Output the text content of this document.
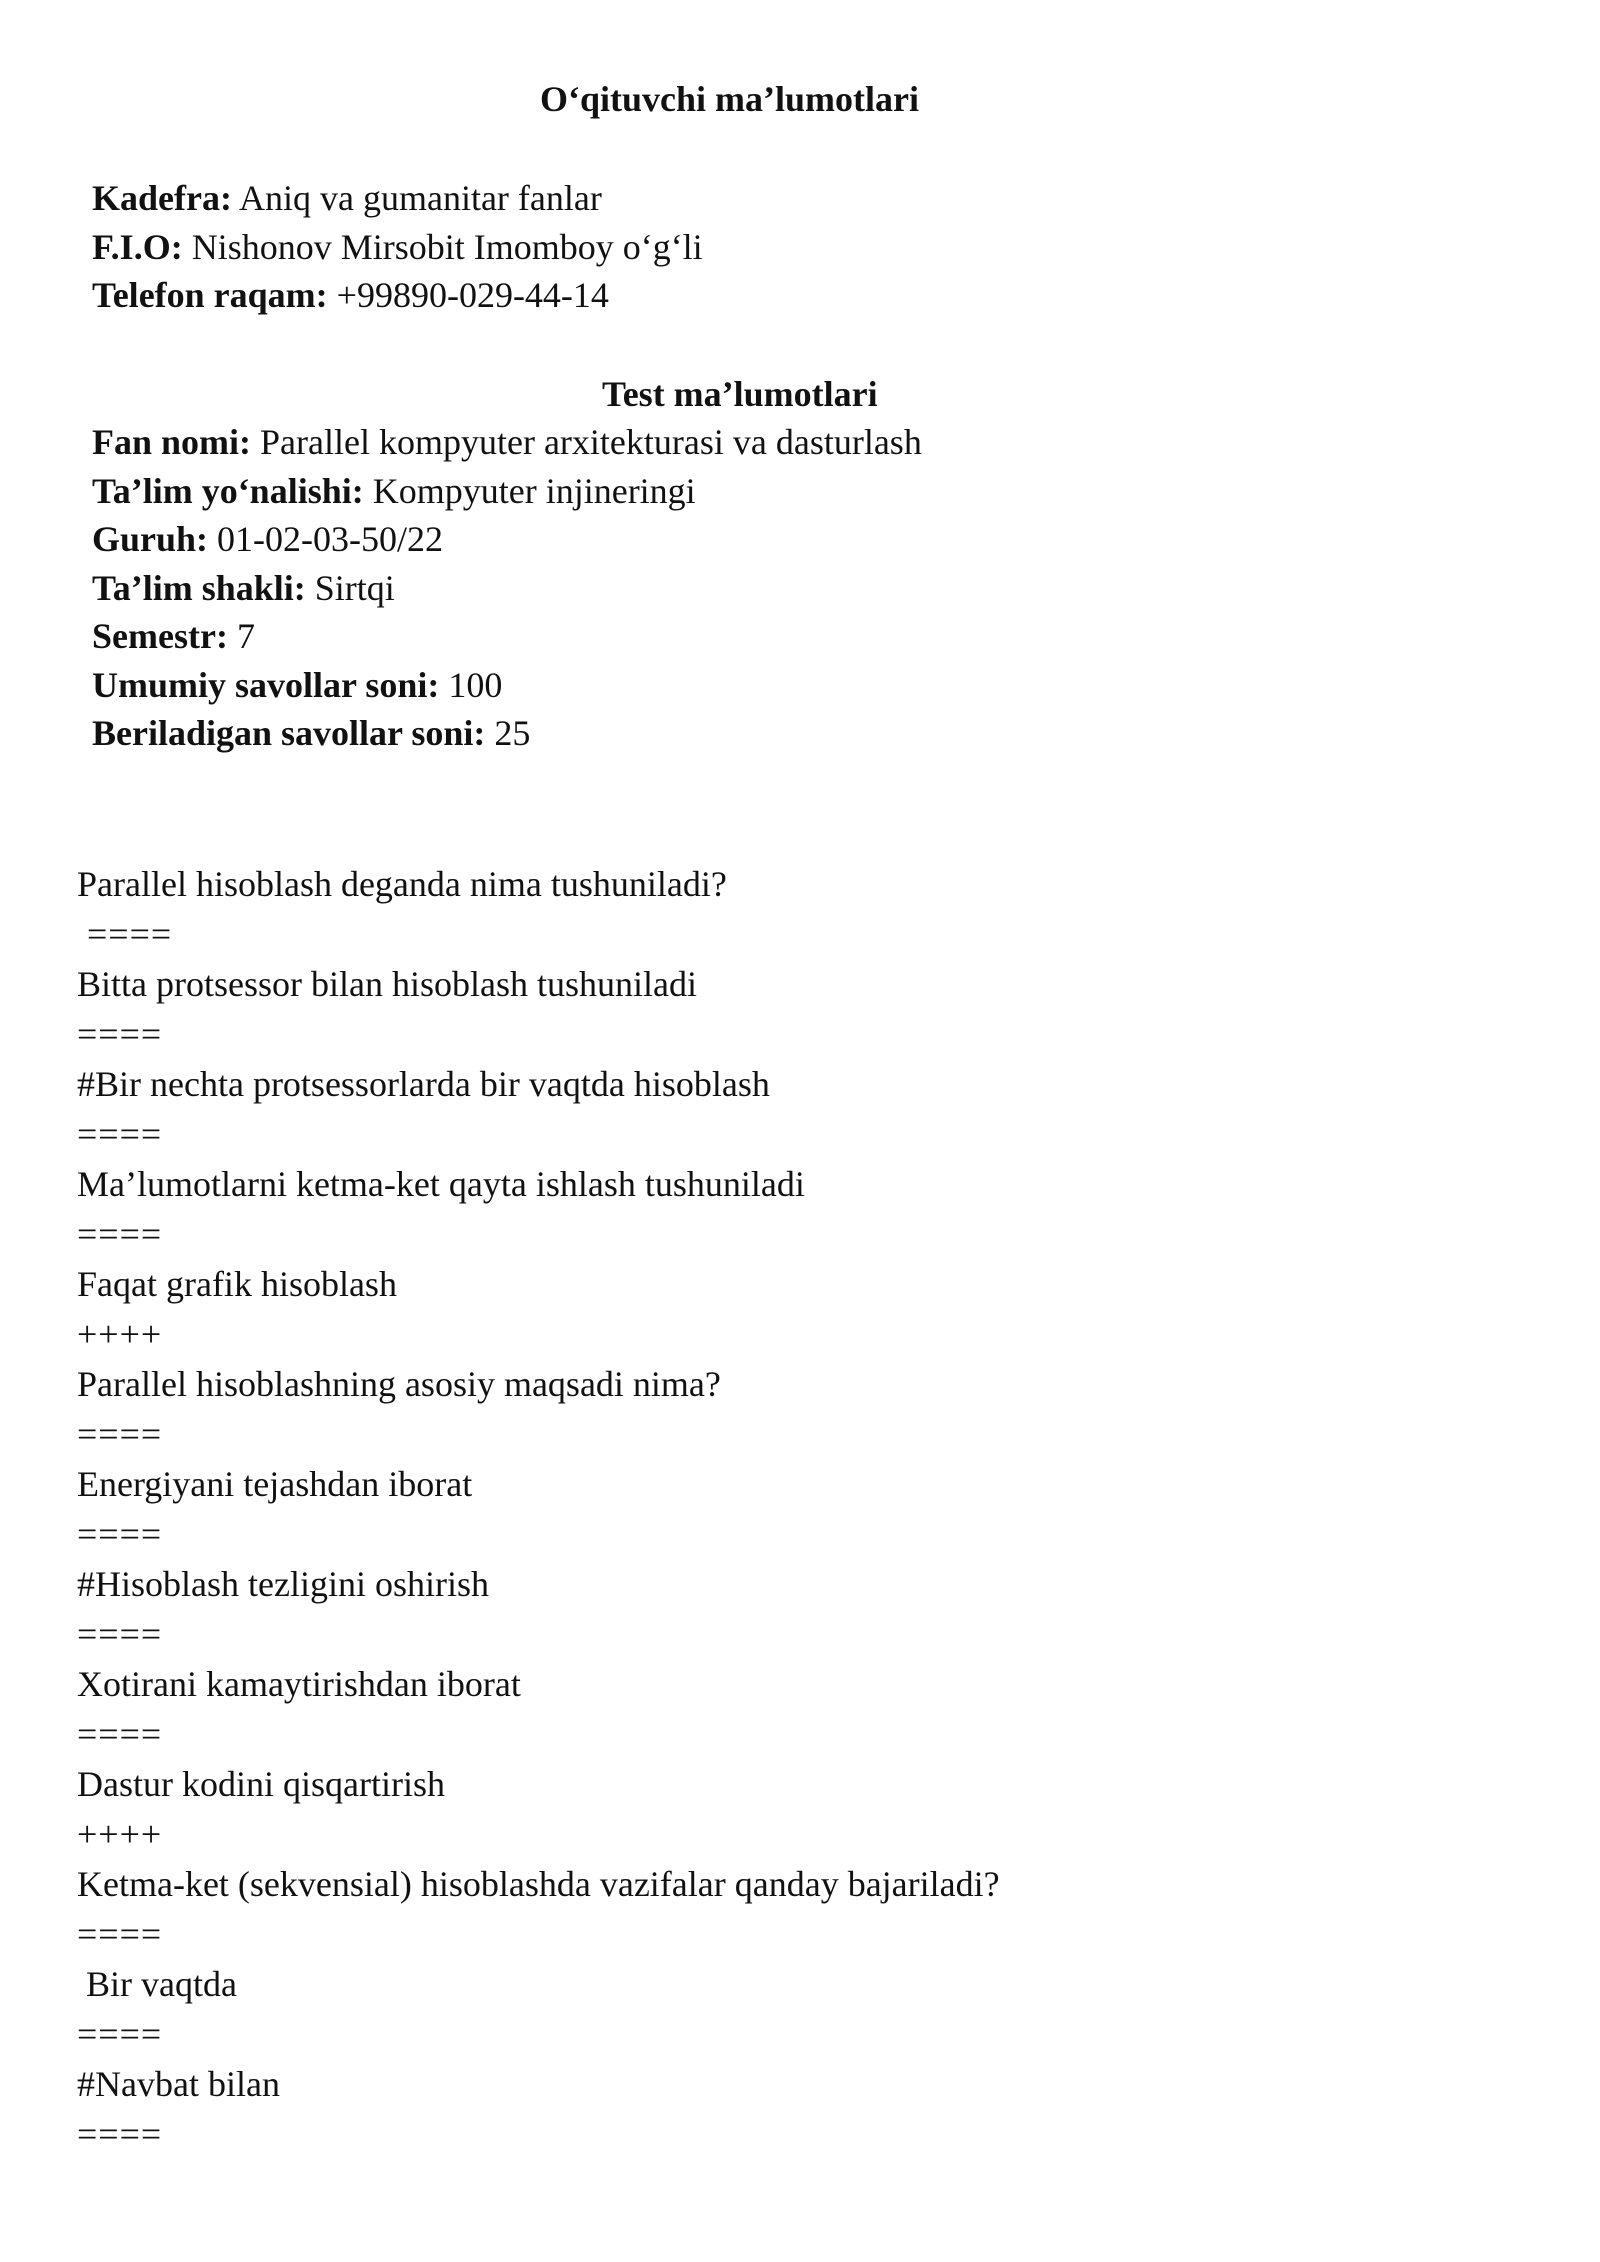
O‘qituvchi ma’lumotlari
Kadefra: Aniq va gumanitar fanlar
F.I.O: Nishonov Mirsobit Imomboy o‘g‘li
Telefon raqam: +99890-029-44-14
Test ma’lumotlari
Fan nomi: Parallel kompyuter arxitekturasi va dasturlash
Ta’lim yo‘nalishi: Kompyuter injineringi
Guruh: 01-02-03-50/22
Ta’lim shakli: Sirtqi
Semestr: 7
Umumiy savollar soni: 100
Beriladigan savollar soni: 25
Parallel hisoblash deganda nima tushuniladi?
====
Bitta protsessor bilan hisoblash tushuniladi
====
#Bir nechta protsessorlarda bir vaqtda hisoblash
====
Ma’lumotlarni ketma-ket qayta ishlash tushuniladi
====
Faqat grafik hisoblash
++++
Parallel hisoblashning asosiy maqsadi nima?
====
Energiyani tejashdan iborat
====
#Hisoblash tezligini oshirish
====
Xotirani kamaytirishdan iborat
====
Dastur kodini qisqartirish
++++
Ketma-ket (sekvensial) hisoblashda vazifalar qanday bajariladi?
====
Bir vaqtda
====
#Navbat bilan
====
